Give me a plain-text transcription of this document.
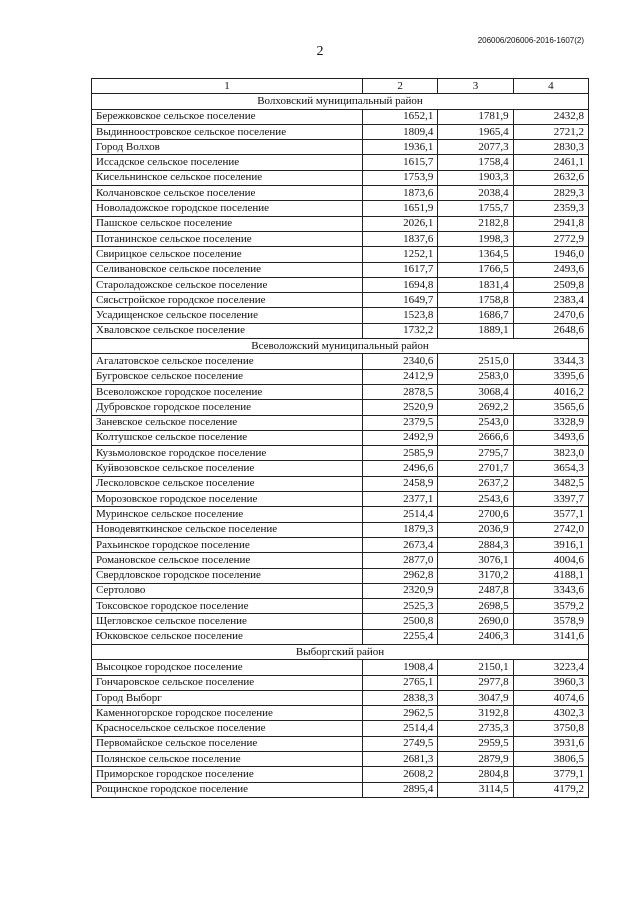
206006/206006-2016-1607(2)
2
1	2	3	4
Волховский муниципальный район			
Бережковское сельское поселение	1652,1	1781,9	2432,8
Выдинноостровское сельское поселение	1809,4	1965,4	2721,2
Город Волхов	1936,1	2077,3	2830,3
Иссадское сельское поселение	1615,7	1758,4	2461,1
Кисельнинское сельское поселение	1753,9	1903,3	2632,6
Колчановское сельское поселение	1873,6	2038,4	2829,3
Новоладожское городское поселение	1651,9	1755,7	2359,3
Пашское сельское поселение	2026,1	2182,8	2941,8
Потанинское сельское поселение	1837,6	1998,3	2772,9
Свирицкое сельское поселение	1252,1	1364,5	1946,0
Селивановское сельское поселение	1617,7	1766,5	2493,6
Староладожское сельское поселение	1694,8	1831,4	2509,8
Сясьстройское городское поселение	1649,7	1758,8	2383,4
Усадищенское сельское поселение	1523,8	1686,7	2470,6
Хваловское сельское поселение	1732,2	1889,1	2648,6
Всеволожский муниципальный район			
Агалатовское сельское поселение	2340,6	2515,0	3344,3
Бугровское сельское поселение	2412,9	2583,0	3395,6
Всеволожское городское поселение	2878,5	3068,4	4016,2
Дубровское городское поселение	2520,9	2692,2	3565,6
Заневское сельское поселение	2379,5	2543,0	3328,9
Колтушское сельское поселение	2492,9	2666,6	3493,6
Кузьмоловское городское поселение	2585,9	2795,7	3823,0
Куйвозовское сельское поселение	2496,6	2701,7	3654,3
Лесколовское сельское поселение	2458,9	2637,2	3482,5
Морозовское городское поселение	2377,1	2543,6	3397,7
Муринское сельское поселение	2514,4	2700,6	3577,1
Новодевяткинское сельское поселение	1879,3	2036,9	2742,0
Рахьинское городское поселение	2673,4	2884,3	3916,1
Романовское сельское поселение	2877,0	3076,1	4004,6
Свердловское городское поселение	2962,8	3170,2	4188,1
Сертолово	2320,9	2487,8	3343,6
Токсовское городское поселение	2525,3	2698,5	3579,2
Щегловское сельское поселение	2500,8	2690,0	3578,9
Юкковское сельское поселение	2255,4	2406,3	3141,6
Выборгский район			
Высоцкое городское поселение	1908,4	2150,1	3223,4
Гончаровское сельское поселение	2765,1	2977,8	3960,3
Город Выборг	2838,3	3047,9	4074,6
Каменногорское городское поселение	2962,5	3192,8	4302,3
Красносельское сельское поселение	2514,4	2735,3	3750,8
Первомайское сельское поселение	2749,5	2959,5	3931,6
Полянское сельское поселение	2681,3	2879,9	3806,5
Приморское городское поселение	2608,2	2804,8	3779,1
Рощинское городское поселение	2895,4	3114,5	4179,2
